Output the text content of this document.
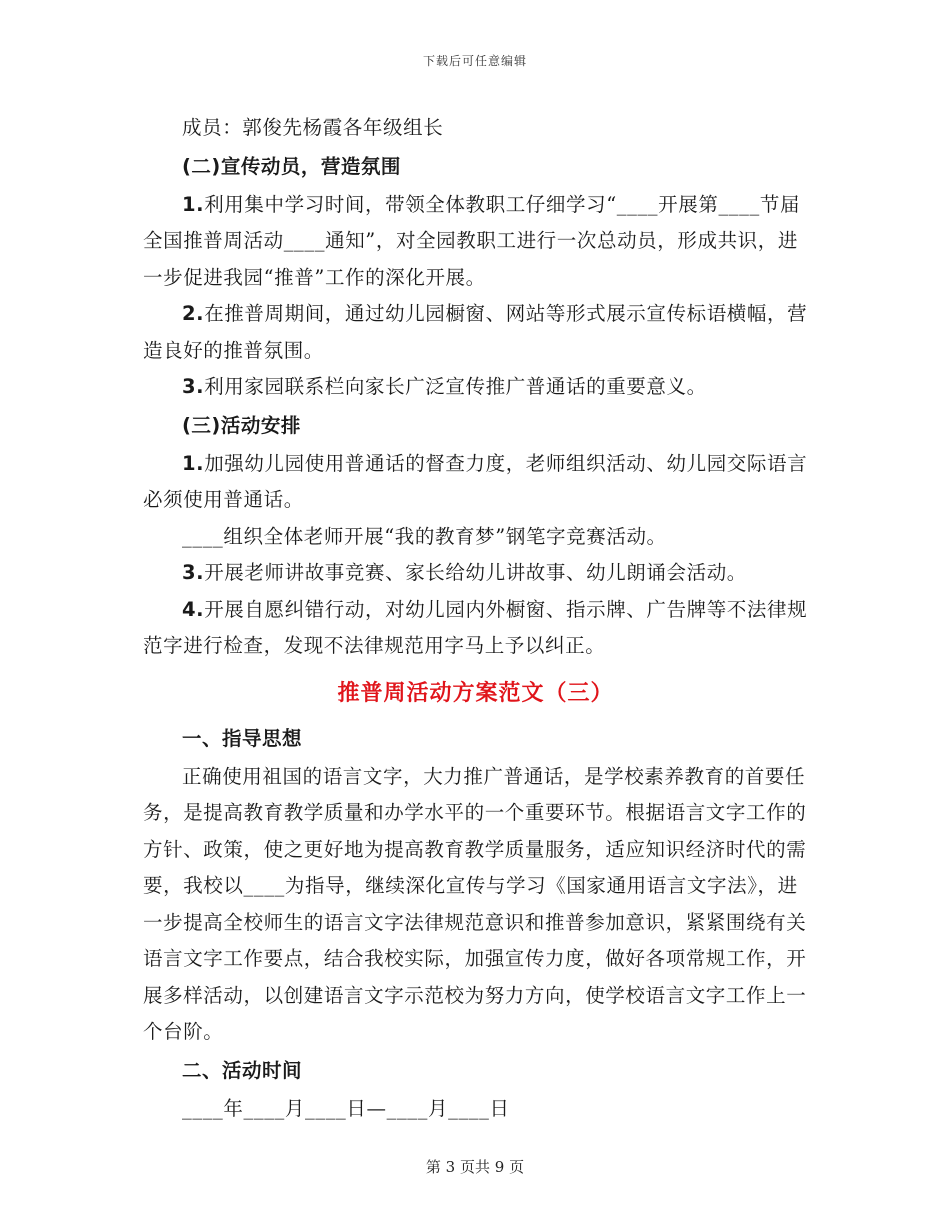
下载后可任意编辑

成员：郭俊先杨霞各年级组长

(二)宣传动员，营造氛围

1.利用集中学习时间，带领全体教职工仔细学习“____开展第____节届全国推普周活动____通知”，对全园教职工进行一次总动员，形成共识，进一步促进我园“推普”工作的深化开展。

2.在推普周期间，通过幼儿园橱窗、网站等形式展示宣传标语横幅，营造良好的推普氛围。

3.利用家园联系栏向家长广泛宣传推广普通话的重要意义。

(三)活动安排

1.加强幼儿园使用普通话的督查力度，老师组织活动、幼儿园交际语言必须使用普通话。

____组织全体老师开展“我的教育梦”钢笔字竞赛活动。

3.开展老师讲故事竞赛、家长给幼儿讲故事、幼儿朗诵会活动。

4.开展自愿纠错行动，对幼儿园内外橱窗、指示牌、广告牌等不法律规范字进行检查，发现不法律规范用字马上予以纠正。

推普周活动方案范文（三）

一、指导思想

正确使用祖国的语言文字，大力推广普通话，是学校素养教育的首要任务，是提高教育教学质量和办学水平的一个重要环节。根据语言文字工作的方针、政策，使之更好地为提高教育教学质量服务，适应知识经济时代的需要，我校以____为指导，继续深化宣传与学习《国家通用语言文字法》，进一步提高全校师生的语言文字法律规范意识和推普参加意识，紧紧围绕有关语言文字工作要点，结合我校实际，加强宣传力度，做好各项常规工作，开展多样活动，以创建语言文字示范校为努力方向，使学校语言文字工作上一个台阶。

二、活动时间

____年____月____日—____月____日

第 3 页共 9 页
